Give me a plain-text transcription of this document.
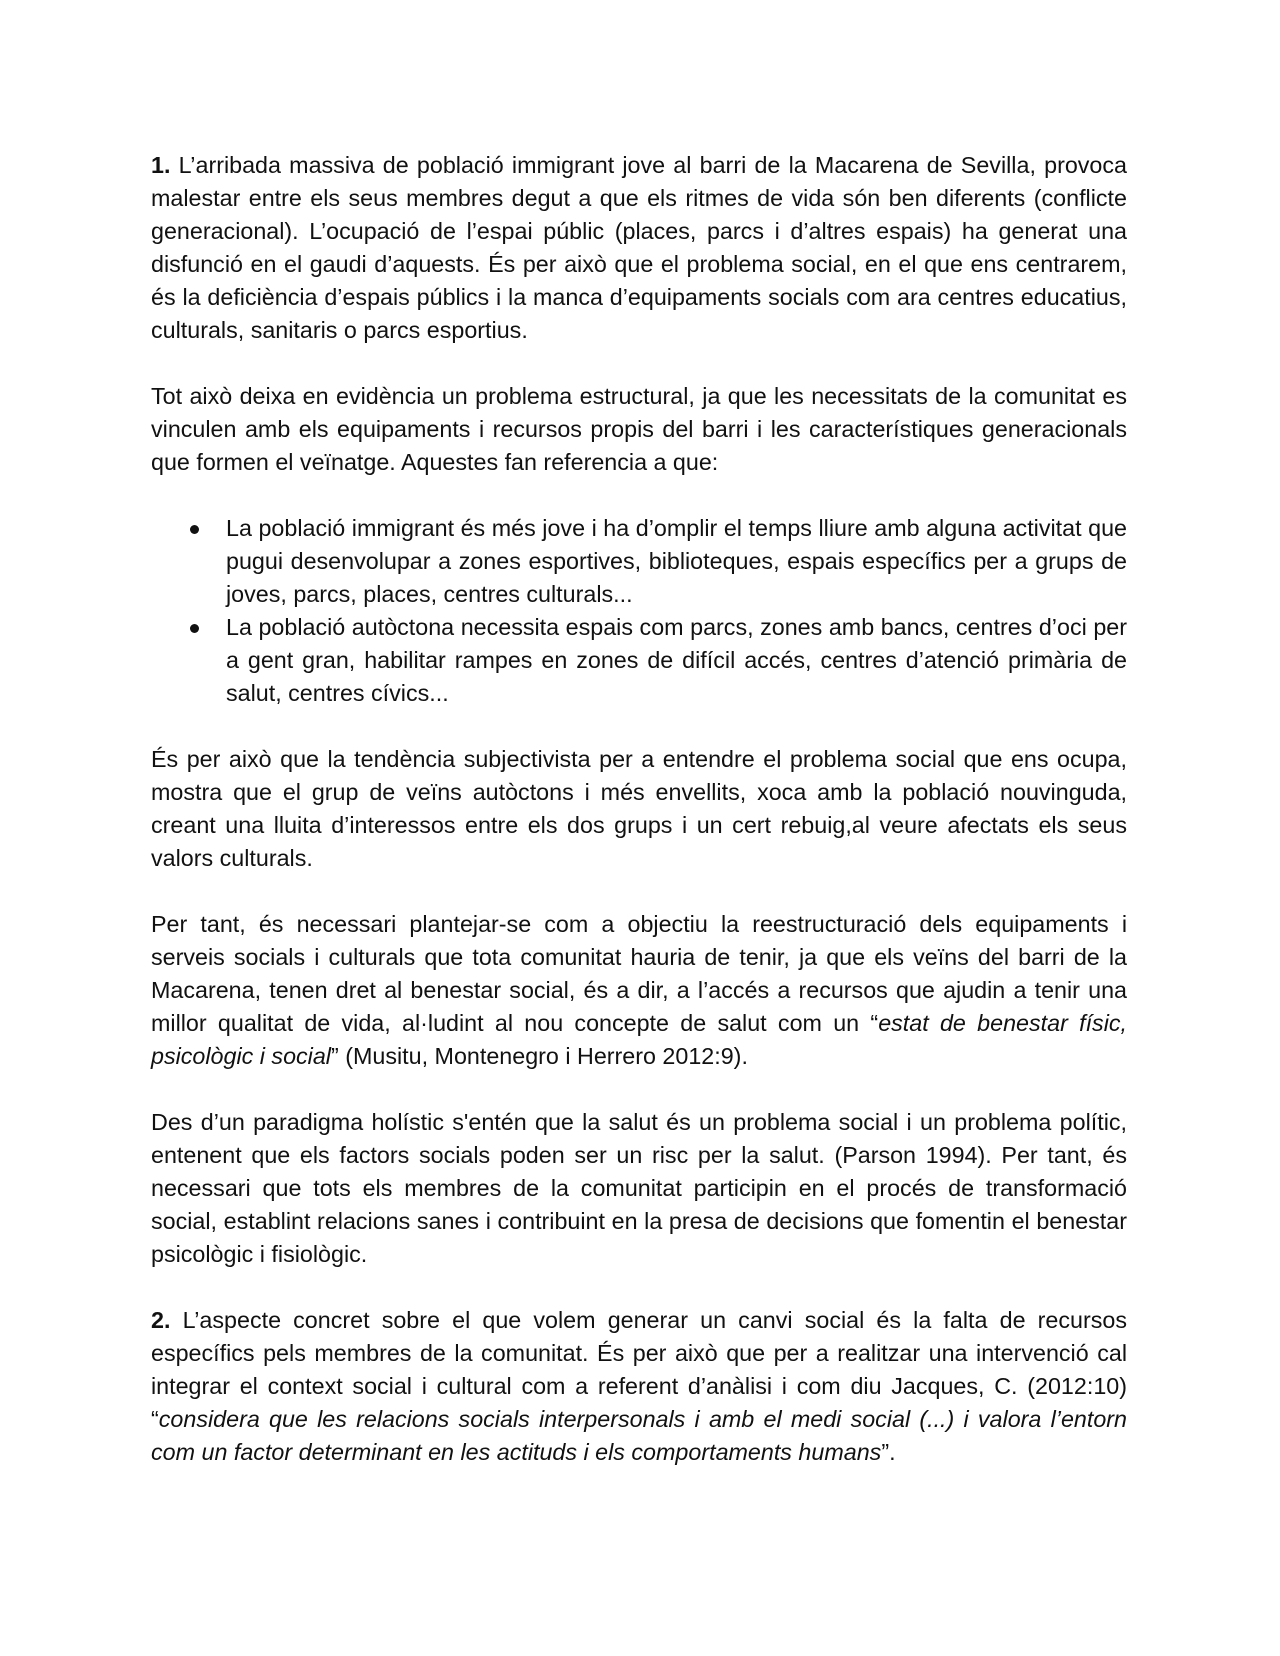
1. L’arribada massiva de població immigrant jove al barri de la Macarena de Sevilla, provoca malestar entre els seus membres degut a que els ritmes de vida són ben diferents (conflicte generacional). L’ocupació de l’espai públic (places, parcs i d’altres espais) ha generat una disfunció en el gaudi d’aquests. És per això que el problema social, en el que ens centrarem, és la deficiència d’espais públics i la manca d’equipaments socials com ara centres educatius, culturals, sanitaris o parcs esportius.

Tot això deixa en evidència un problema estructural, ja que les necessitats de la comunitat es vinculen amb els equipaments i recursos propis del barri i les característiques generacionals que formen el veïnatge. Aquestes fan referencia a que:

La població immigrant és més jove i ha d’omplir el temps lliure amb alguna activitat que pugui desenvolupar a zones esportives, biblioteques, espais específics per a grups de joves, parcs, places, centres culturals...
La població autòctona necessita espais com parcs, zones amb bancs, centres d’oci per a gent gran, habilitar rampes en zones de difícil accés, centres d’atenció primària de salut, centres cívics...

És per això que la tendència subjectivista per a entendre el problema social que ens ocupa, mostra que el grup de veïns autòctons i més envellits, xoca amb la població nouvinguda, creant una lluita d’interessos entre els dos grups i un cert rebuig,al veure afectats els seus valors culturals.

Per tant, és necessari plantejar-se com a objectiu la reestructuració dels equipaments i serveis socials i culturals que tota comunitat hauria de tenir, ja que els veïns del barri de la Macarena, tenen dret al benestar social, és a dir, a l’accés a recursos que ajudin a tenir una millor qualitat de vida, al·ludint al nou concepte de salut com un “estat de benestar físic, psicològic i social” (Musitu, Montenegro i Herrero 2012:9).

Des d’un paradigma holístic s'entén que la salut és un problema social i un problema polític, entenent que els factors socials poden ser un risc per la salut. (Parson 1994). Per tant, és necessari que tots els membres de la comunitat participin en el procés de transformació social, establint relacions sanes i contribuint en la presa de decisions que fomentin el benestar psicològic i fisiològic.

2. L’aspecte concret sobre el que volem generar un canvi social és la falta de recursos específics pels membres de la comunitat. És per això que per a realitzar una intervenció cal integrar el context social i cultural com a referent d’anàlisi i com diu Jacques, C. (2012:10) “considera que les relacions socials interpersonals i amb el medi social (...) i valora l’entorn com un factor determinant en les actituds i els comportaments humans”.
